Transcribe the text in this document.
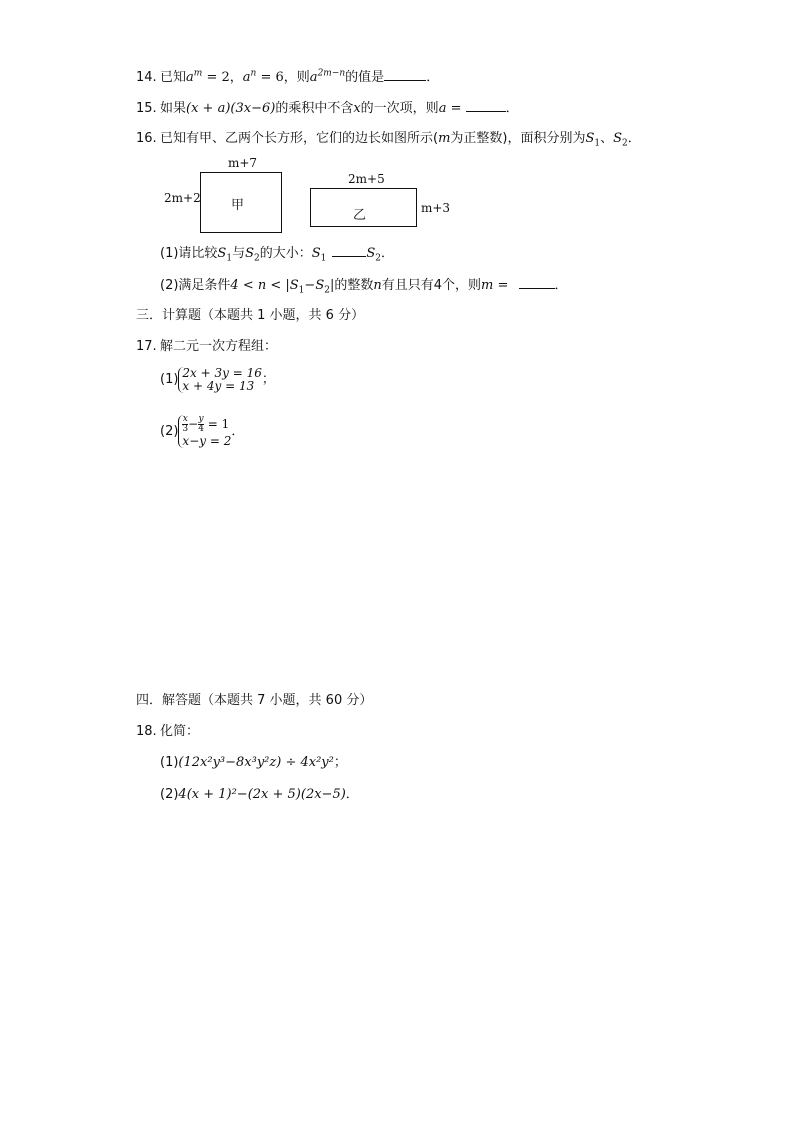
14. 已知$a^m = 2$，$a^n = 6$，则$a^{2m-n}$的值是	．
15. 如果(x + a)(3x−6)的乘积中不含x的一次项，则a =	．
16. 已知有甲、乙两个长方形，它们的边长如图所示(m为正整数)，面积分别为$S_1$、$S_2$．
m+7
2m+2 甲
2m+5
乙	m+3
(1)请比较$S_1$与$S_2$的大小：$S_1$	$S_2$．
(2)满足条件$4 < n < |S_1-S_2|$的整数n有且只有4个，则m =	．
三．计算题（本题共 1 小题，共 6 分）
17. 解二元一次方程组：
(1) 2x + 3y = 16
x + 4y = 13 ；
$(2) \frac{x}{3} - \frac{y}{4} = 1$
x−y = 2
．
四．解答题（本题共 7 小题，共 60 分）
18. 化简：
(1)(12x²y³−8x³y²z) ÷ 4x²y²；
(2)4(x + 1)²−(2x + 5)(2x−5)．
